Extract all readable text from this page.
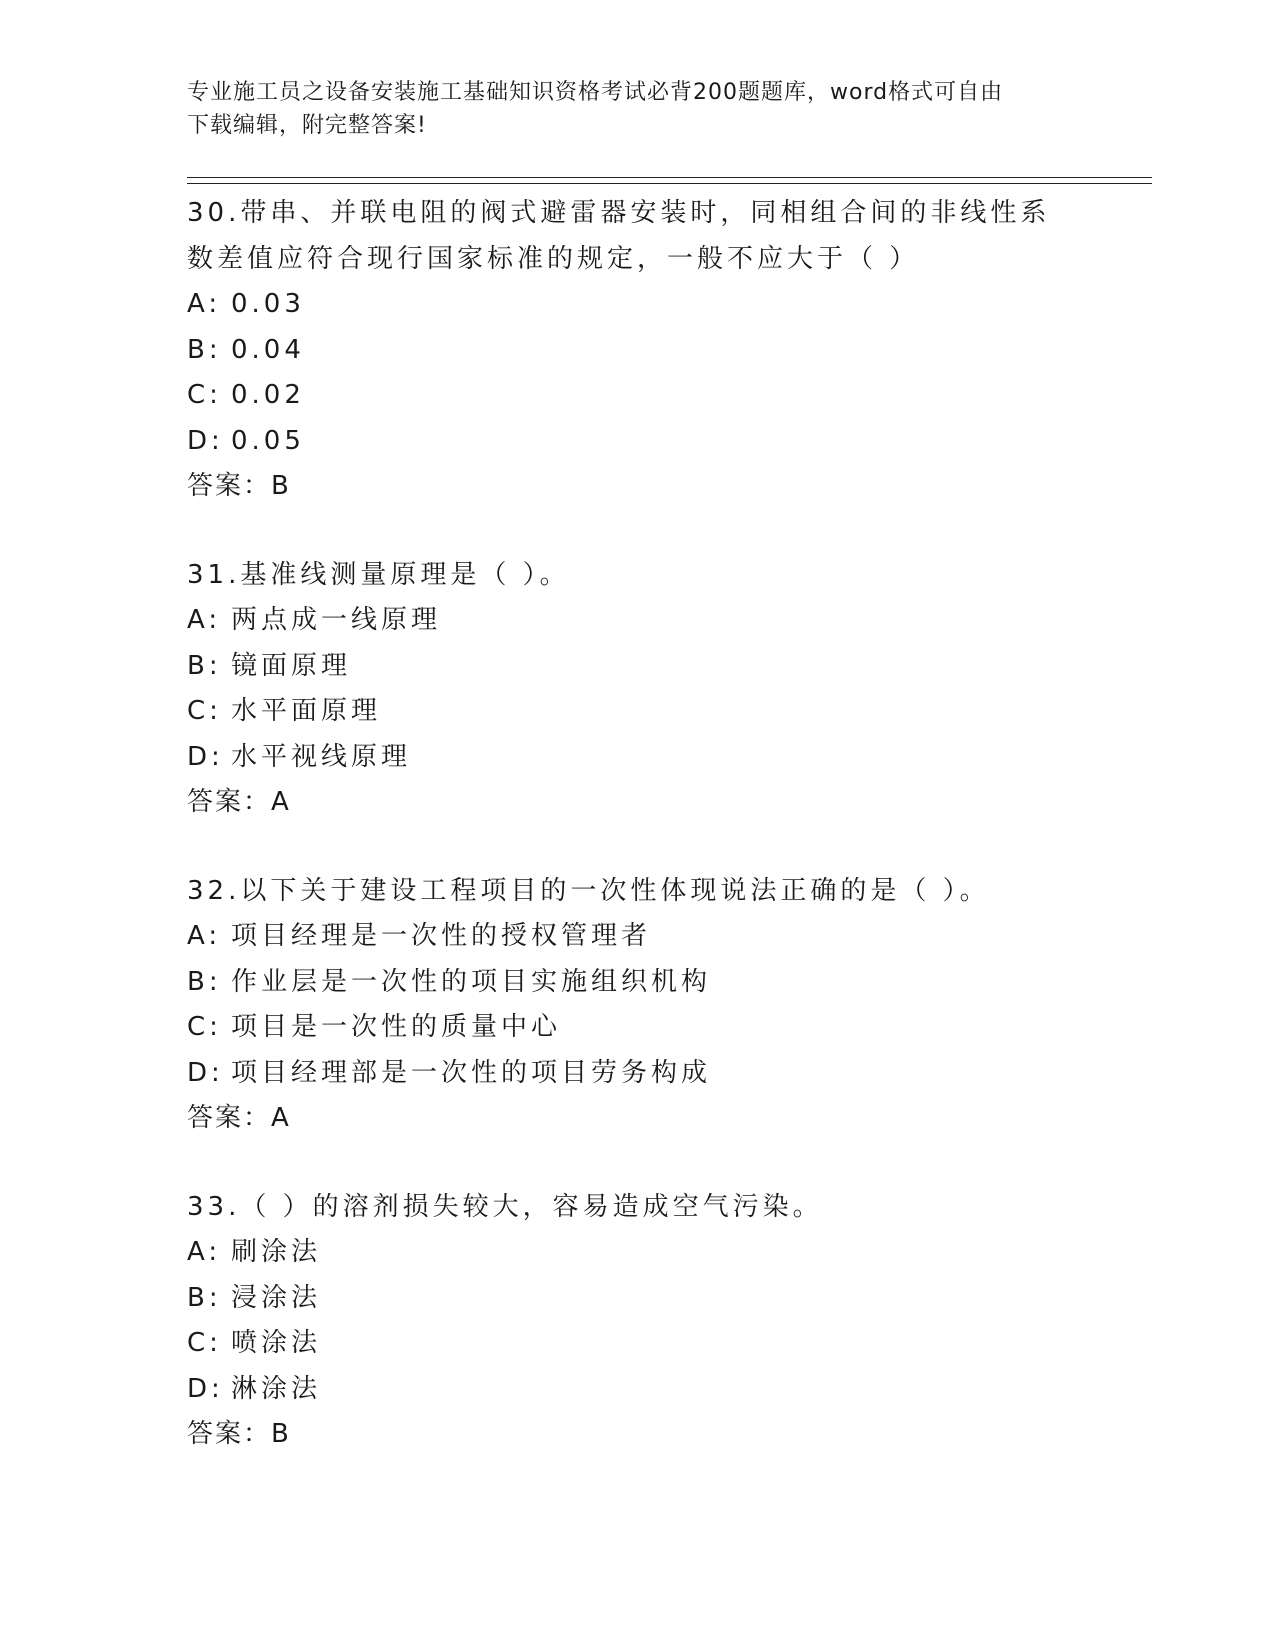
专业施工员之设备安装施工基础知识资格考试必背200题题库，word格式可自由
下载编辑，附完整答案!
30.带串、并联电阻的阀式避雷器安装时，同相组合间的非线性系数差值应符合现行国家标准的规定，一般不应大于（ ）
A: 0.03
B: 0.04
C: 0.02
D: 0.05
答案：B
31.基准线测量原理是（ ）。
A: 两点成一线原理
B: 镜面原理
C: 水平面原理
D: 水平视线原理
答案：A
32.以下关于建设工程项目的一次性体现说法正确的是（ ）。
A: 项目经理是一次性的授权管理者
B: 作业层是一次性的项目实施组织机构
C: 项目是一次性的质量中心
D: 项目经理部是一次性的项目劳务构成
答案：A
33.（ ）的溶剂损失较大，容易造成空气污染。
A: 刷涂法
B: 浸涂法
C: 喷涂法
D: 淋涂法
答案：B
